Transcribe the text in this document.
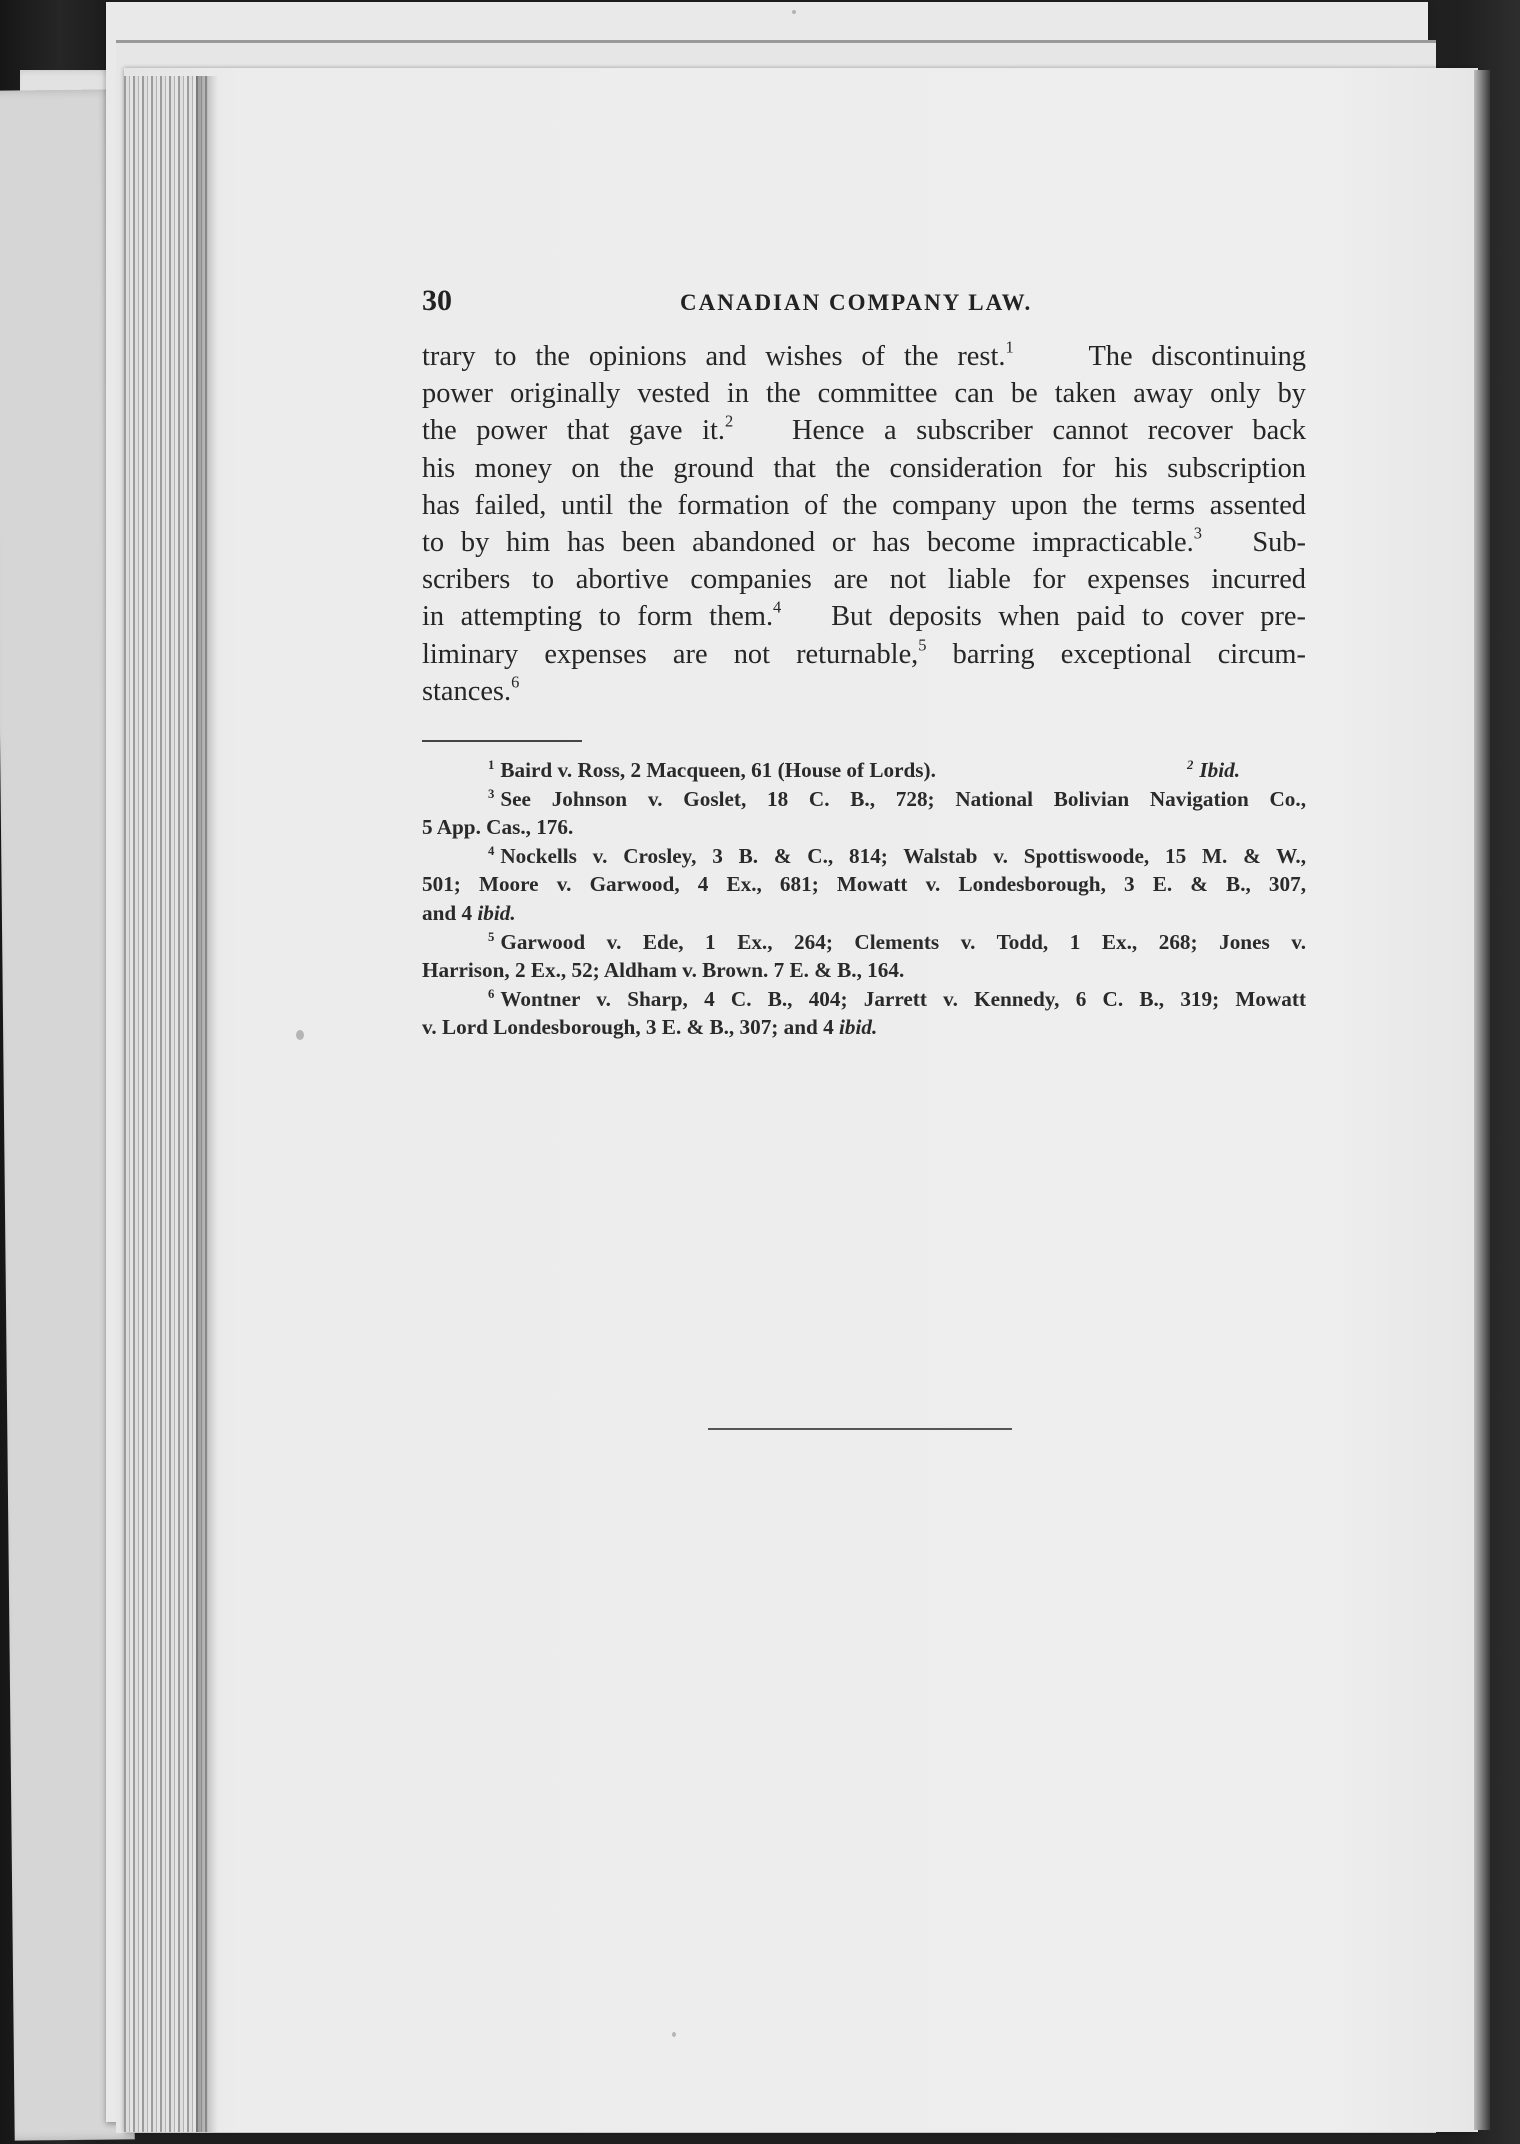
30	CANADIAN COMPANY LAW.
trary to the opinions and wishes of the rest.$^1$	The discontinuing
power originally vested in the committee can be taken away only by
the power that gave it.$^2$ Hence a subscriber cannot recover back
his money on the ground that the consideration for his subscription
has failed, until the formation of the company upon the terms assented
to by him has been abandoned or has become impracticable.$^3$ Sub-
scribers to abortive companies are not liable for expenses incurred
in attempting to form them.$^4$ But deposits when paid to cover pre-
liminary expenses are not returnable,$^5$ barring exceptional circum-
stances.$^6$
$^1$ Baird v. Ross, 2 Macqueen, 61 (House of Lords).	$^2$ Ibid.
$^3$ See Johnson v. Goslet, 18 C. B., 728; National Bolivian Navigation Co.,
5 App. Cas., 176.
$^4$ Nockells v. Crosley, 3 B. & C., 814; Walstab v. Spottiswoode, 15 M. & W.,
501; Moore v. Garwood, 4 Ex., 681; Mowatt v. Londesborough, 3 E. & B., 307,
and 4 ibid.
$^5$ Garwood v. Ede, 1 Ex., 264; Clements v. Todd, 1 Ex., 268; Jones v.
Harrison, 2 Ex., 52; Aldham v. Brown. 7 E. & B., 164.
$^6$ Wontner v. Sharp, 4 C. B., 404; Jarrett v. Kennedy, 6 C. B., 319; Mowatt
v. Lord Londesborough, 3 E. & B., 307; and 4 ibid.
